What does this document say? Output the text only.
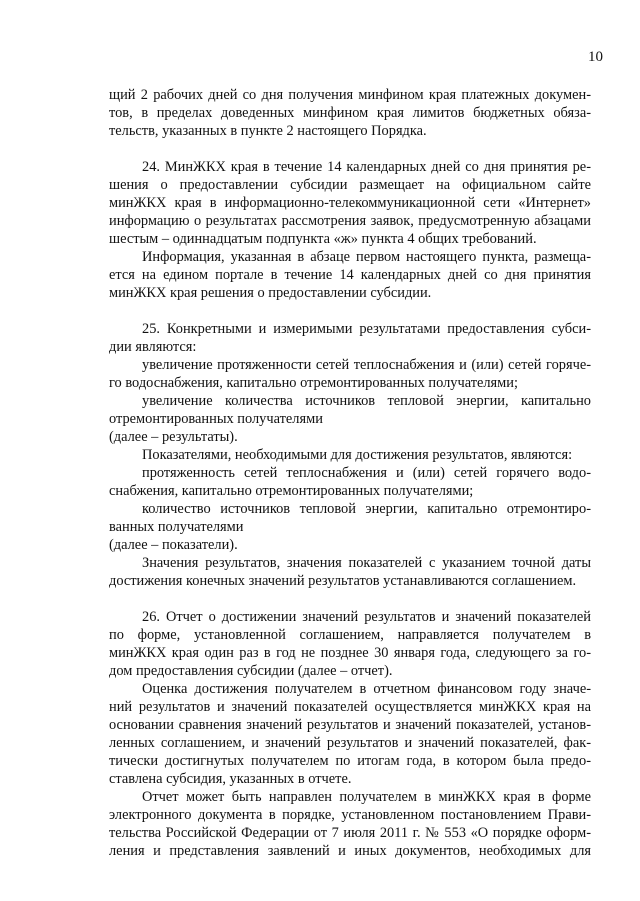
10
щий 2 рабочих дней со дня получения минфином края платежных докумен-
тов, в пределах доведенных минфином края лимитов бюджетных обяза-
тельств, указанных в пункте 2 настоящего Порядка.
24. МинЖКХ края в течение 14 календарных дней со дня принятия ре-
шения о предоставлении субсидии размещает на официальном сайте
минЖКХ края в информационно-телекоммуникационной сети «Интернет»
информацию о результатах рассмотрения заявок, предусмотренную абзацами
шестым – одиннадцатым подпункта «ж» пункта 4 общих требований.
Информация, указанная в абзаце первом настоящего пункта, размеща-
ется на едином портале в течение 14 календарных дней со дня принятия
минЖКХ края решения о предоставлении субсидии.
25. Конкретными и измеримыми результатами предоставления субси-
дии являются:
увеличение протяженности сетей теплоснабжения и (или) сетей горяче-
го водоснабжения, капитально отремонтированных получателями;
увеличение количества источников тепловой энергии, капитально
отремонтированных получателями
(далее – результаты).
Показателями, необходимыми для достижения результатов, являются:
протяженность сетей теплоснабжения и (или) сетей горячего водо-
снабжения, капитально отремонтированных получателями;
количество источников тепловой энергии, капитально отремонтиро-
ванных получателями
(далее – показатели).
Значения результатов, значения показателей с указанием точной даты
достижения конечных значений результатов устанавливаются соглашением.
26. Отчет о достижении значений результатов и значений показателей
по форме, установленной соглашением, направляется получателем в
минЖКХ края один раз в год не позднее 30 января года, следующего за го-
дом предоставления субсидии (далее – отчет).
Оценка достижения получателем в отчетном финансовом году значе-
ний результатов и значений показателей осуществляется минЖКХ края на
основании сравнения значений результатов и значений показателей, установ-
ленных соглашением, и значений результатов и значений показателей, фак-
тически достигнутых получателем по итогам года, в котором была предо-
ставлена субсидия, указанных в отчете.
Отчет может быть направлен получателем в минЖКХ края в форме
электронного документа в порядке, установленном постановлением Прави-
тельства Российской Федерации от 7 июля 2011 г. № 553 «О порядке оформ-
ления и представления заявлений и иных документов, необходимых для
